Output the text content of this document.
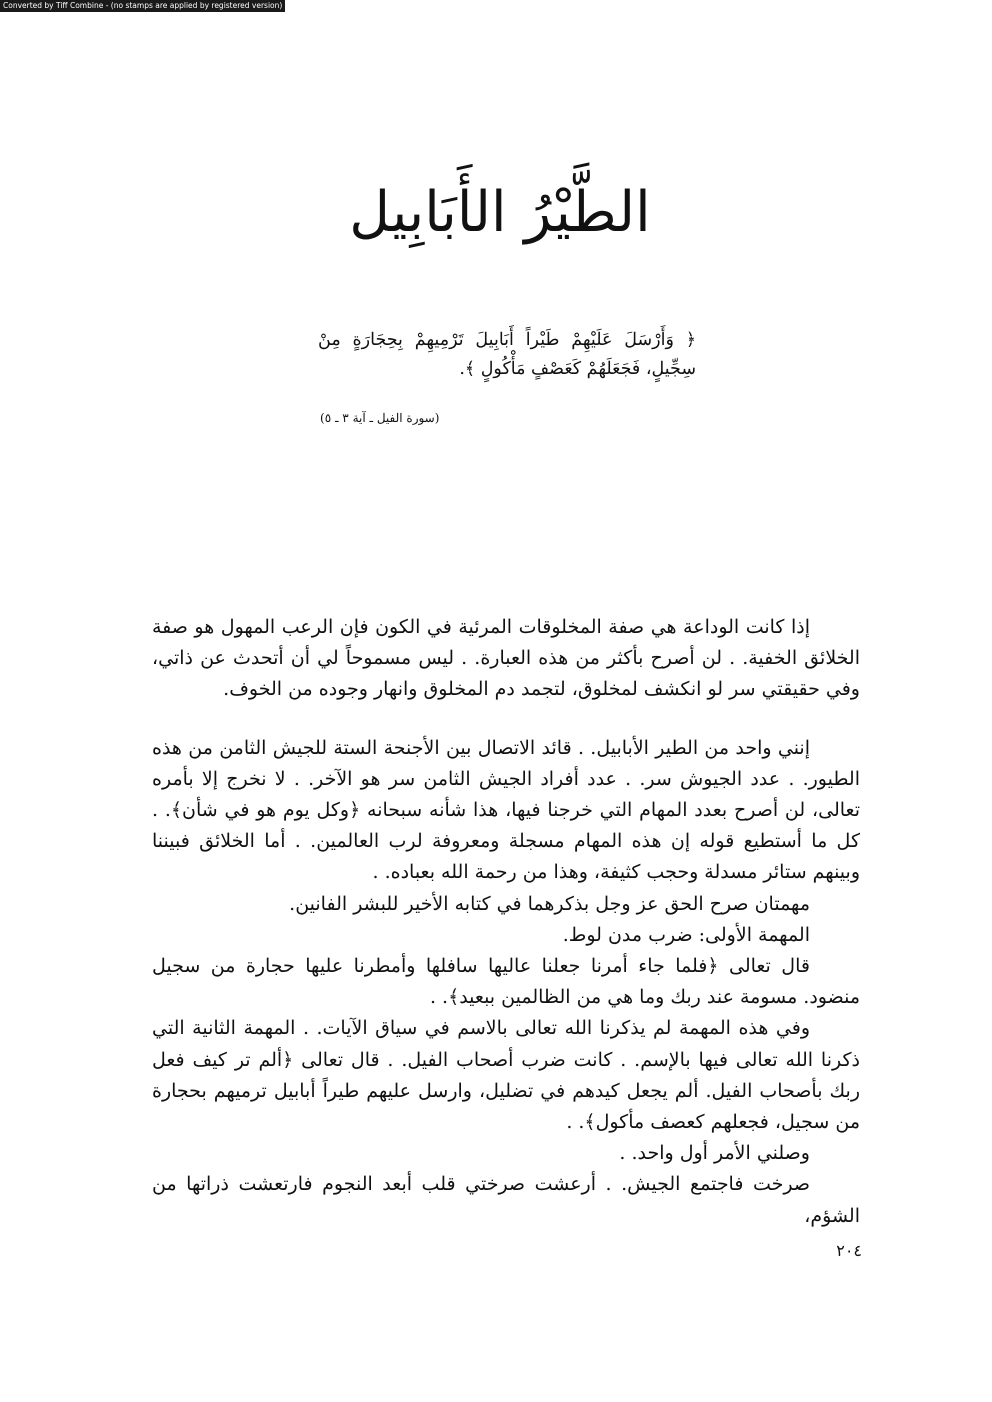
Converted by Tiff Combine - (no stamps are applied by registered version)
الطَّيْرُ الأَبَابِيل
﴿ وَأَرْسَلَ عَلَيْهِمْ طَيْراً أَبَابِيلَ تَرْمِيهِمْ بِحِجَارَةٍ مِنْ سِجِّيلٍ، فَجَعَلَهُمْ كَعَصْفٍ مَأْكُولٍ ﴾.
(سورة الفيل ـ آية ٣ ـ ٥)

إذا كانت الوداعة هي صفة المخلوقات المرئية في الكون فإن الرعب المهول هو صفة الخلائق الخفية. . لن أصرح بأكثر من هذه العبارة. . ليس مسموحاً لي أن أتحدث عن ذاتي، وفي حقيقتي سر لو انكشف لمخلوق، لتجمد دم المخلوق وانهار وجوده من الخوف.

إنني واحد من الطير الأبابيل. . قائد الاتصال بين الأجنحة الستة للجيش الثامن من هذه الطيور. . عدد الجيوش سر. . عدد أفراد الجيش الثامن سر هو الآخر. . لا نخرج إلا بأمره تعالى، لن أصرح بعدد المهام التي خرجنا فيها، هذا شأنه سبحانه ﴿وكل يوم هو في شأن﴾. . كل ما أستطيع قوله إن هذه المهام مسجلة ومعروفة لرب العالمين. . أما الخلائق فبيننا وبينهم ستائر مسدلة وحجب كثيفة، وهذا من رحمة الله بعباده. .

مهمتان صرح الحق عز وجل بذكرهما في كتابه الأخير للبشر الفانين.

المهمة الأولى: ضرب مدن لوط.

قال تعالى ﴿فلما جاء أمرنا جعلنا عاليها سافلها وأمطرنا عليها حجارة من سجيل منضود. مسومة عند ربك وما هي من الظالمين ببعيد﴾. .

وفي هذه المهمة لم يذكرنا الله تعالى بالاسم في سياق الآيات. . المهمة الثانية التي ذكرنا الله تعالى فيها بالإسم. . كانت ضرب أصحاب الفيل. . قال تعالى ﴿ألم تر كيف فعل ربك بأصحاب الفيل. ألم يجعل كيدهم في تضليل، وارسل عليهم طيراً أبابيل ترميهم بحجارة من سجيل، فجعلهم كعصف مأكول﴾. .

وصلني الأمر أول واحد. .

صرخت فاجتمع الجيش. . أرعشت صرختي قلب أبعد النجوم فارتعشت ذراتها من الشؤم،

٢٠٤
